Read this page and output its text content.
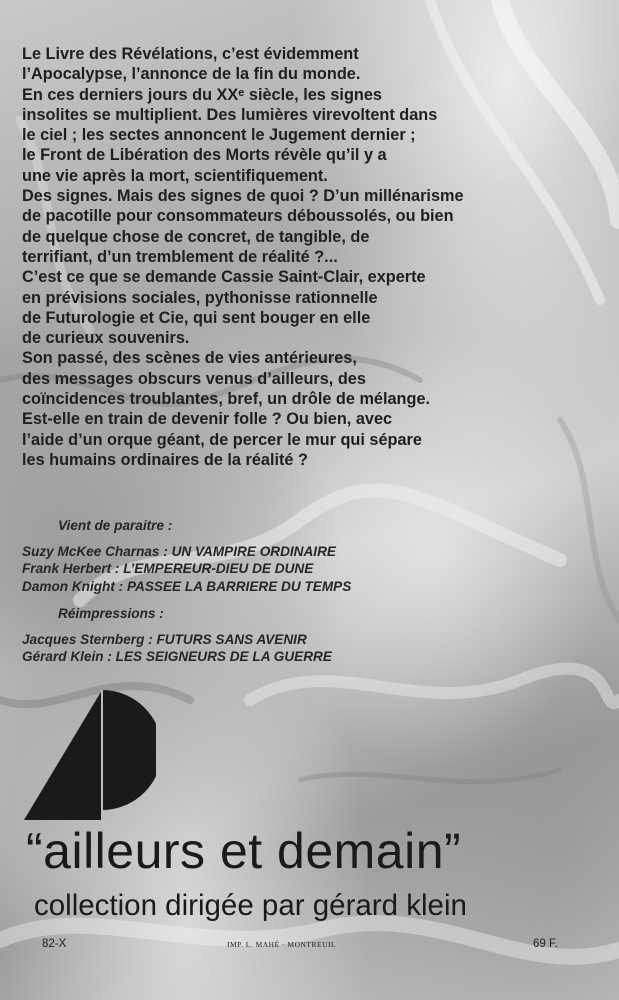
Le Livre des Révélations, c’est évidemment

l’Apocalypse, l’annonce de la fin du monde.

En ces derniers jours du XXᵉ siècle, les signes

insolites se multiplient. Des lumières virevoltent dans

le ciel ; les sectes annoncent le Jugement dernier ;

le Front de Libération des Morts révèle qu’il y a

une vie après la mort, scientifiquement.

Des signes. Mais des signes de quoi ? D’un millénarisme

de pacotille pour consommateurs déboussolés, ou bien

de quelque chose de concret, de tangible, de

terrifiant, d’un tremblement de réalité ?...

C’est ce que se demande Cassie Saint-Clair, experte

en prévisions sociales, pythonisse rationnelle

de Futurologie et Cie, qui sent bouger en elle

de curieux souvenirs.

Son passé, des scènes de vies antérieures,

des messages obscurs venus d’ailleurs, des

coïncidences troublantes, bref, un drôle de mélange.

Est-elle en train de devenir folle ? Ou bien, avec

l’aide d’un orque géant, de percer le mur qui sépare

les humains ordinaires de la réalité ?

Vient de paraitre :

Suzy McKee Charnas : UN VAMPIRE ORDINAIRE

Frank Herbert : L’EMPEREUR-DIEU DE DUNE

Damon Knight : PASSEE LA BARRIERE DU TEMPS

Réimpressions :

Jacques Sternberg : FUTURS SANS AVENIR

Gérard Klein : LES SEIGNEURS DE LA GUERRE

“ailleurs et demain”
collection dirigée par gérard klein
82-X	IMP. L. MAHÉ · MONTREUIL	69 F.
